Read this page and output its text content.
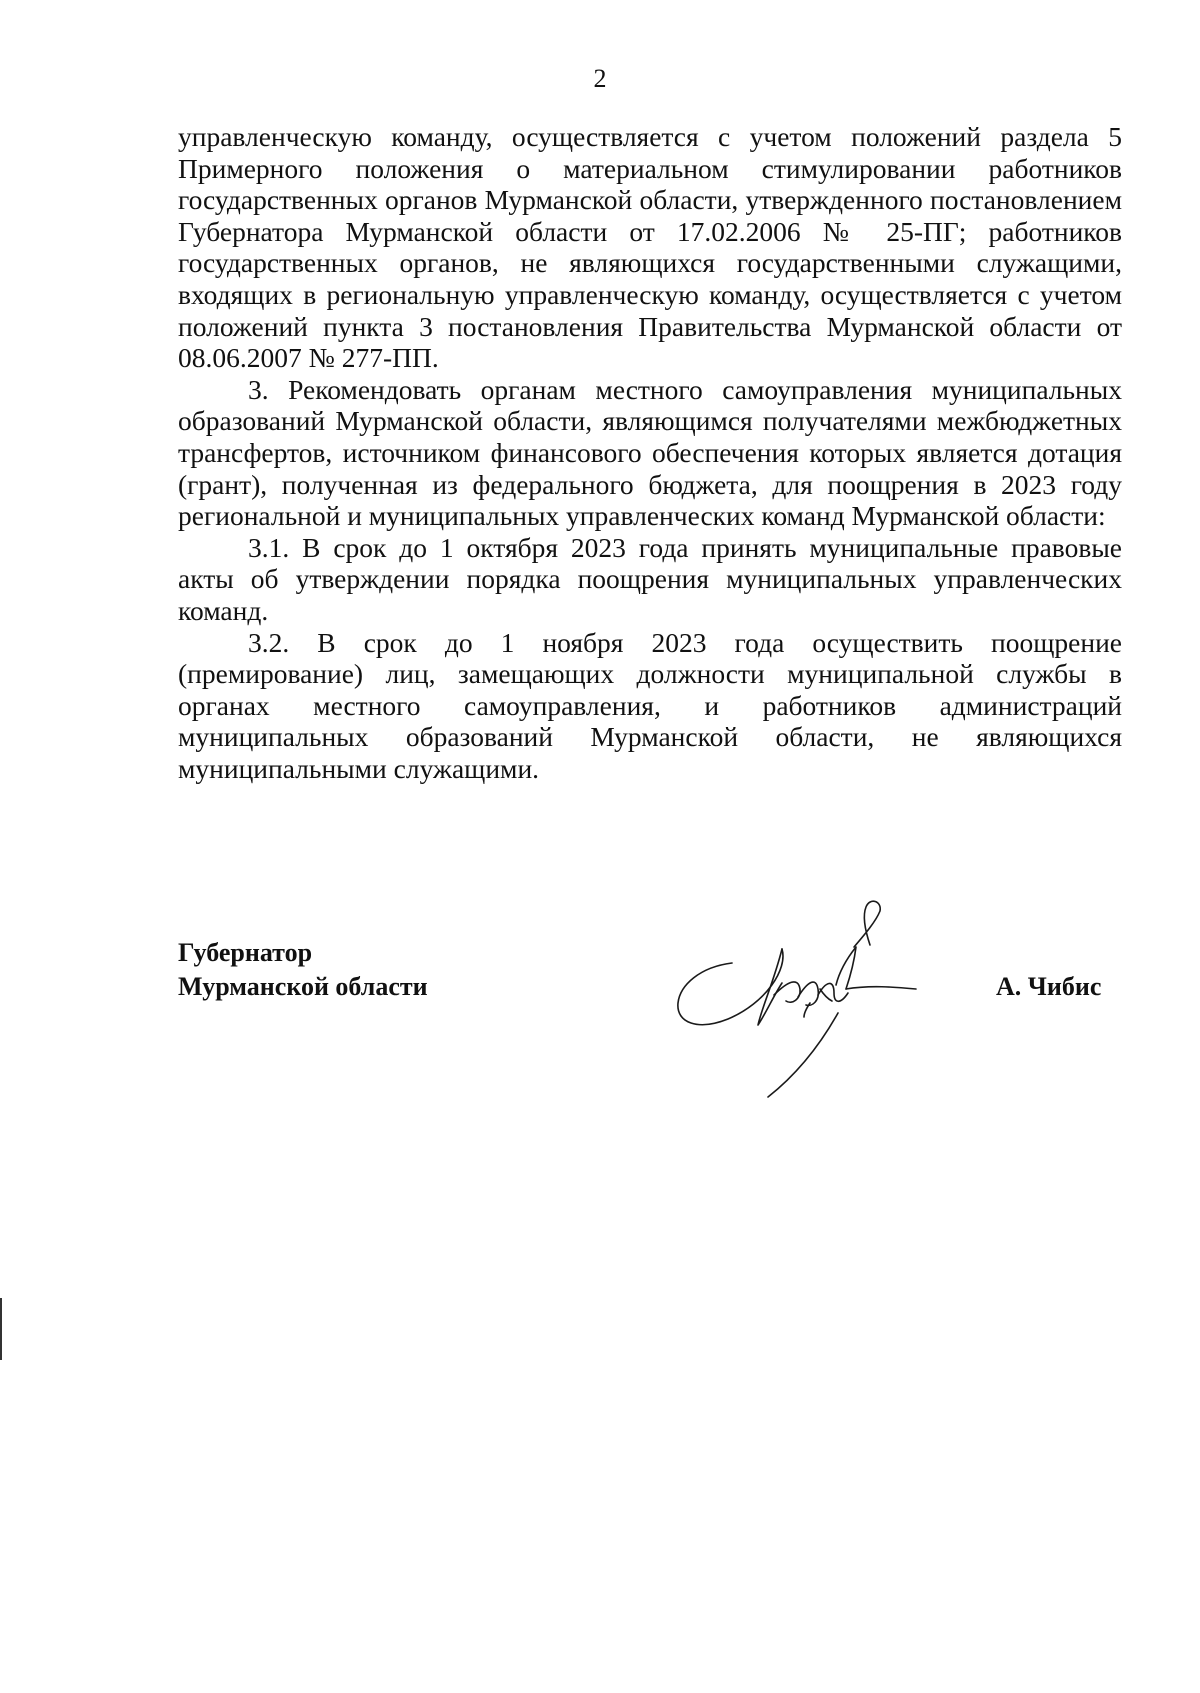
2

управленческую команду, осуществляется с учетом положений раздела 5 Примерного положения о материальном стимулировании работников государственных органов Мурманской области, утвержденного постановлением Губернатора Мурманской области от 17.02.2006 № 25-ПГ; работников государственных органов, не являющихся государственными служащими, входящих в региональную управленческую команду, осуществляется с учетом положений пункта 3 постановления Правительства Мурманской области от 08.06.2007 № 277-ПП.

3. Рекомендовать органам местного самоуправления муниципальных образований Мурманской области, являющимся получателями межбюджетных трансфертов, источником финансового обеспечения которых является дотация (грант), полученная из федерального бюджета, для поощрения в 2023 году региональной и муниципальных управленческих команд Мурманской области:

3.1. В срок до 1 октября 2023 года принять муниципальные правовые акты об утверждении порядка поощрения муниципальных управленческих команд.

3.2. В срок до 1 ноября 2023 года осуществить поощрение (премирование) лиц, замещающих должности муниципальной службы в органах местного самоуправления, и работников администраций муниципальных образований Мурманской области, не являющихся муниципальными служащими.

Губернатор
Мурманской области	А. Чибис
